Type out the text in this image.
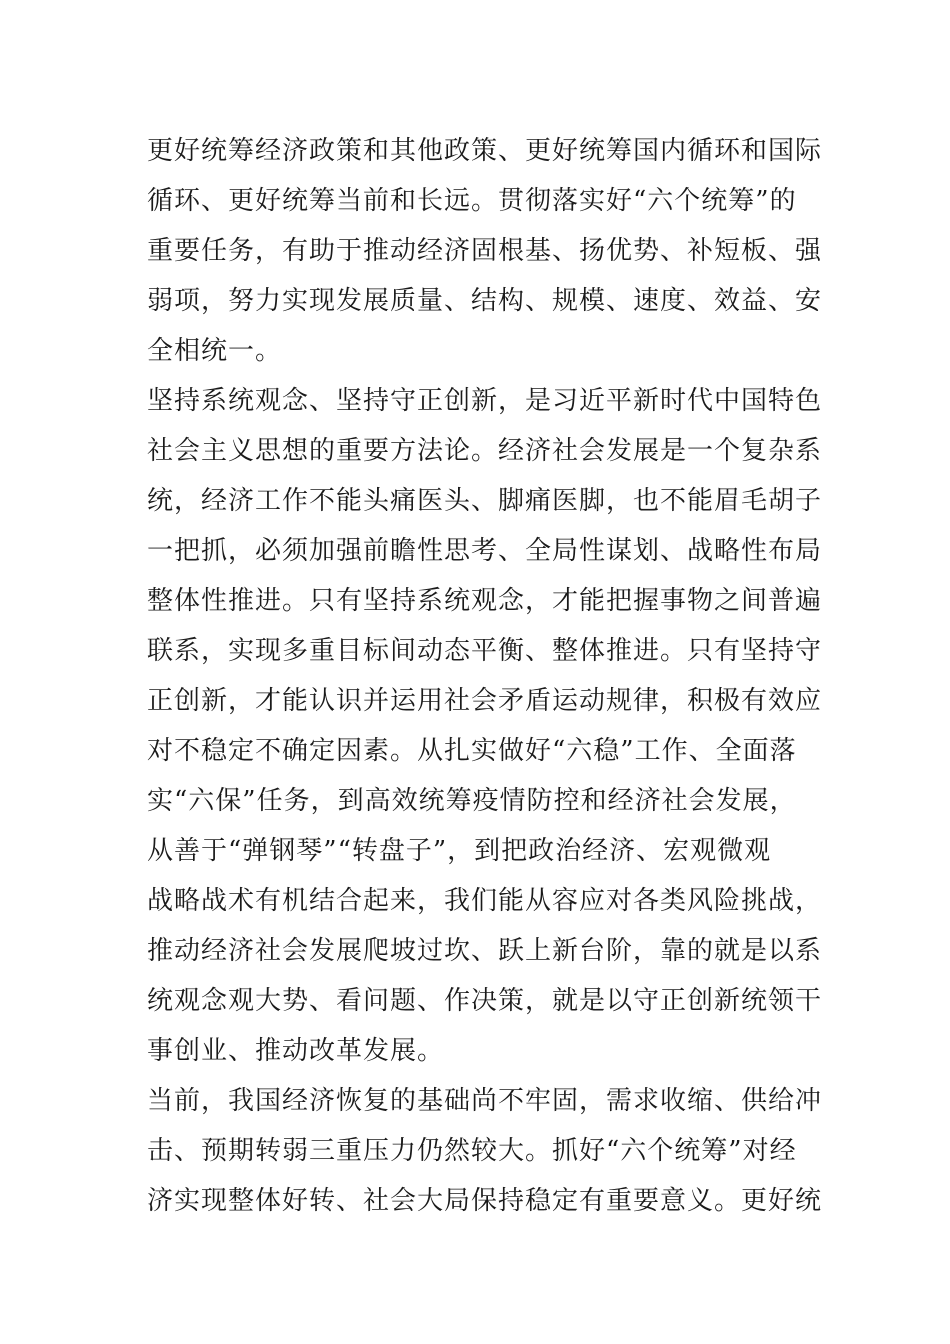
更好统筹经济政策和其他政策、更好统筹国内循环和国际
循环、更好统筹当前和长远。贯彻落实好“六个统筹”的
重要任务，有助于推动经济固根基、扬优势、补短板、强
弱项，努力实现发展质量、结构、规模、速度、效益、安
全相统一。
坚持系统观念、坚持守正创新，是习近平新时代中国特色
社会主义思想的重要方法论。经济社会发展是一个复杂系
统，经济工作不能头痛医头、脚痛医脚，也不能眉毛胡子
一把抓，必须加强前瞻性思考、全局性谋划、战略性布局
整体性推进。只有坚持系统观念，才能把握事物之间普遍
联系，实现多重目标间动态平衡、整体推进。只有坚持守
正创新，才能认识并运用社会矛盾运动规律，积极有效应
对不稳定不确定因素。从扎实做好“六稳”工作、全面落
实“六保”任务，到高效统筹疫情防控和经济社会发展，
从善于“弹钢琴”“转盘子”，到把政治经济、宏观微观
战略战术有机结合起来，我们能从容应对各类风险挑战，
推动经济社会发展爬坡过坎、跃上新台阶，靠的就是以系
统观念观大势、看问题、作决策，就是以守正创新统领干
事创业、推动改革发展。
当前，我国经济恢复的基础尚不牢固，需求收缩、供给冲
击、预期转弱三重压力仍然较大。抓好“六个统筹”对经
济实现整体好转、社会大局保持稳定有重要意义。更好统
